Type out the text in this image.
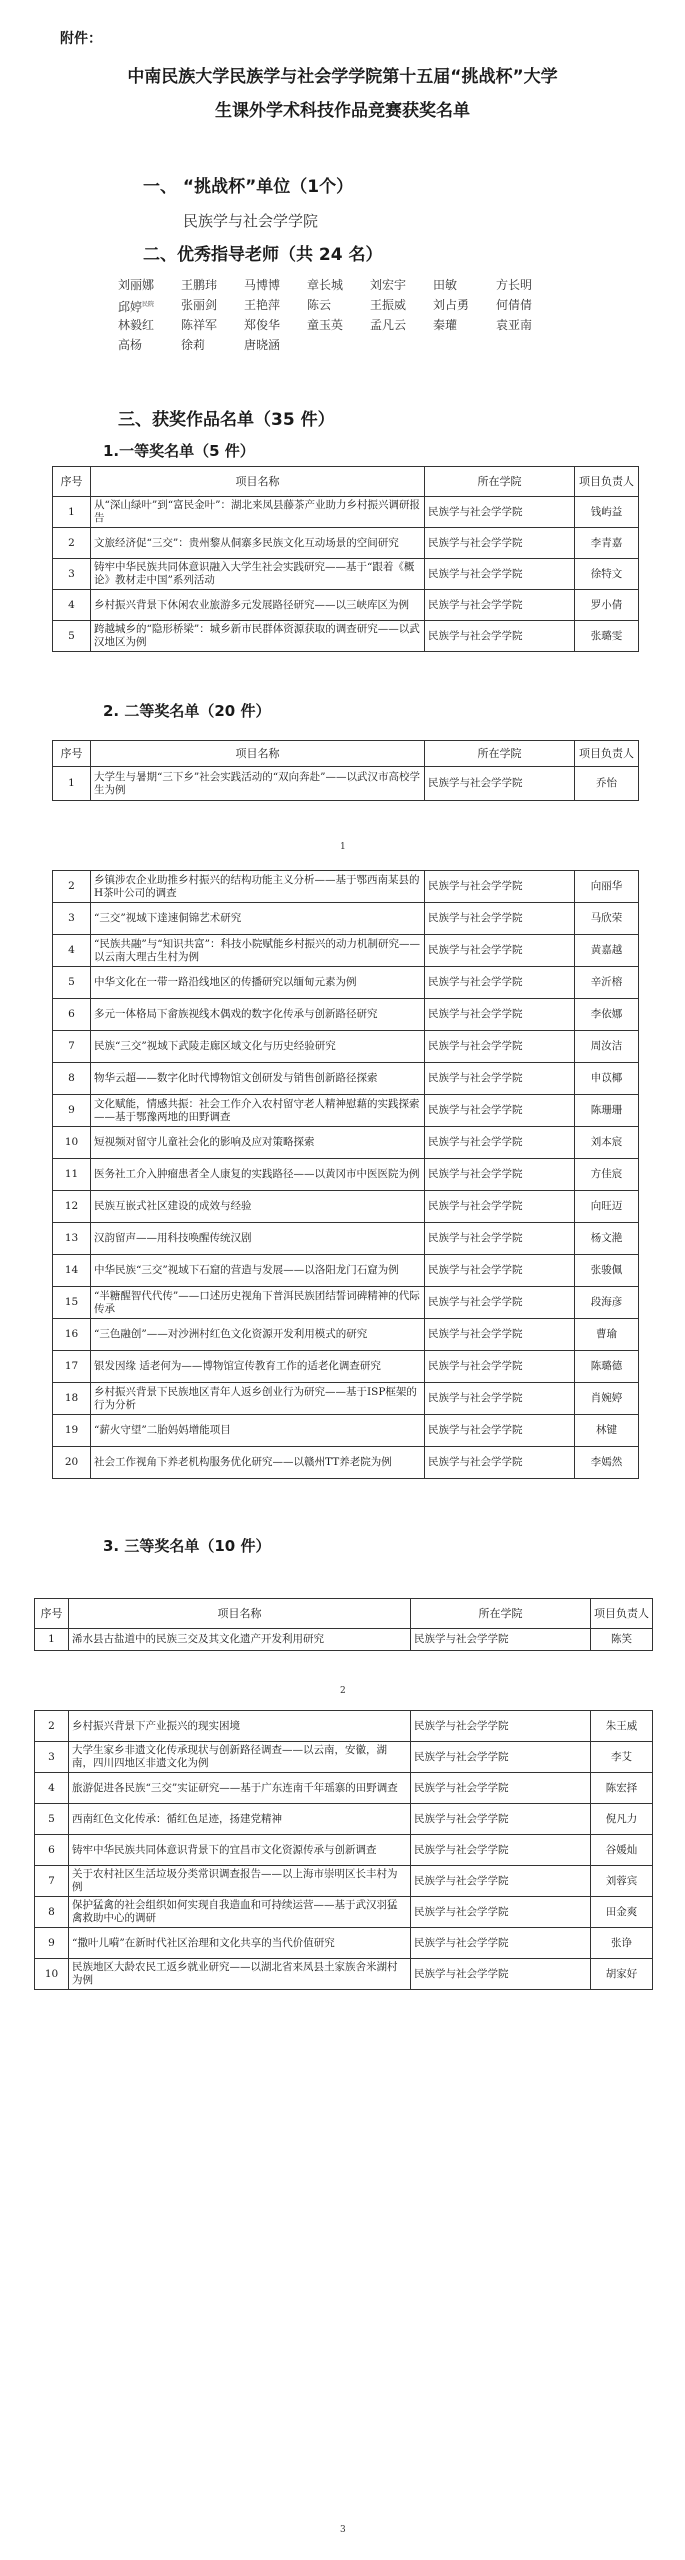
附件：
中南民族大学民族学与社会学学院第十五届“挑战杯”大学
生课外学术科技作品竞赛获奖名单
一、 “挑战杯”单位（1个）
民族学与社会学学院
二、优秀指导老师（共 24 名）
刘丽娜	王鹏玮	马博博	章长城	刘宏宇	田敏	方长明
邱婷$^{民院}$	张丽剑	王艳萍	陈云	王振威	刘占勇	何倩倩
林毅红	陈祥军	郑俊华	童玉英	孟凡云	秦瓘	袁亚南
高杨	徐莉	唐晓涵
三、获奖作品名单（35 件）
1.一等奖名单（5 件）
序号	项目名称	所在学院	项目负责人
1	从“深山绿叶”到“富民金叶”：湖北来凤县藤茶产业助力乡村振兴调研报告	民族学与社会学学院	钱屿益
2	文旅经济促“三交”：贵州黎从侗寨多民族文化互动场景的空间研究	民族学与社会学学院	李青嘉
3	铸牢中华民族共同体意识融入大学生社会实践研究——基于“跟着《概论》教材走中国”系列活动	民族学与社会学学院	徐特文
4	乡村振兴背景下休闲农业旅游多元发展路径研究——以三峡库区为例	民族学与社会学学院	罗小倩
5	跨越城乡的“隐形桥梁”：城乡新市民群体资源获取的调查研究——以武汉地区为例	民族学与社会学学院	张璐雯
2. 二等奖名单（20 件）
序号	项目名称	所在学院	项目负责人
1	大学生与暑期“三下乡”社会实践活动的“双向奔赴”——以武汉市高校学生为例	民族学与社会学学院	乔怡
1
2	乡镇涉农企业助推乡村振兴的结构功能主义分析——基于鄂西南某县的H茶叶公司的调查	民族学与社会学学院	向丽华
3	“三交”视域下達速侗锦艺术研究	民族学与社会学学院	马欣荣
4	“民族共融”与“知识共富”：科技小院赋能乡村振兴的动力机制研究——以云南大理古生村为例	民族学与社会学学院	黄嘉越
5	中华文化在一带一路沿线地区的传播研究以缅甸元素为例	民族学与社会学学院	辛沂榕
6	多元一体格局下畲族视线木偶戏的数字化传承与创新路径研究	民族学与社会学学院	李依娜
7	民族“三交”视域下武陵走廊区域文化与历史经验研究	民族学与社会学学院	周汝洁
8	物华云超——数字化时代博物馆文创研发与销售创新路径探索	民族学与社会学学院	申苡椰
9	文化赋能，情感共振：社会工作介入农村留守老人精神慰藉的实践探索——基于鄂豫两地的田野调查	民族学与社会学学院	陈珊珊
10	短视频对留守儿童社会化的影响及应对策略探索	民族学与社会学学院	刘本宸
11	医务社工介入肿瘤患者全人康复的实践路径——以黄冈市中医医院为例	民族学与社会学学院	方佳宸
12	民族互嵌式社区建设的成效与经验	民族学与社会学学院	向旺迈
13	汉韵留声——用科技唤醒传统汉剧	民族学与社会学学院	杨文滟
14	中华民族“三交”视域下石窟的营造与发展——以洛阳龙门石窟为例	民族学与社会学学院	张骏佩
15	“半糖醒智代代传”——口述历史视角下普洱民族团结誓词碑精神的代际传承	民族学与社会学学院	段海彦
16	“三色融创”——对沙洲村红色文化资源开发利用模式的研究	民族学与社会学学院	曹瑜
17	银发因缘 适老何为——博物馆宣传教育工作的适老化调查研究	民族学与社会学学院	陈璐德
18	乡村振兴背景下民族地区青年人返乡创业行为研究——基于ISP框架的行为分析	民族学与社会学学院	肖婉婷
19	“薪火守望”二胎妈妈增能项目	民族学与社会学学院	林键
20	社会工作视角下养老机构服务优化研究——以赣州TT养老院为例	民族学与社会学学院	李嫣然
3. 三等奖名单（10 件）
序号	项目名称	所在学院	项目负责人
1	浠水县古盐道中的民族三交及其文化遗产开发利用研究	民族学与社会学学院	陈笑
2
2	乡村振兴背景下产业振兴的现实困境	民族学与社会学学院	朱王威
3	大学生家乡非遗文化传承现状与创新路径调查——以云南，安徽，湖南，四川四地区非遗文化为例	民族学与社会学学院	李艾
4	旅游促进各民族“三交”实证研究——基于广东连南千年瑶寨的田野调查	民族学与社会学学院	陈宏择
5	西南红色文化传承：循红色足迹，扬建党精神	民族学与社会学学院	倪凡力
6	铸牢中华民族共同体意识背景下的宜昌市文化资源传承与创新调查	民族学与社会学学院	谷媛灿
7	关于农村社区生活垃圾分类常识调查报告——以上海市崇明区长丰村为例	民族学与社会学学院	刘蓉宾
8	保护猛禽的社会组织如何实现自我造血和可持续运营——基于武汉羽猛禽救助中心的调研	民族学与社会学学院	田金爽
9	“撒叶儿嗬”在新时代社区治理和文化共享的当代价值研究	民族学与社会学学院	张诤
10	民族地区大龄农民工返乡就业研究——以湖北省来凤县土家族舍米湖村为例	民族学与社会学学院	胡家好
3
